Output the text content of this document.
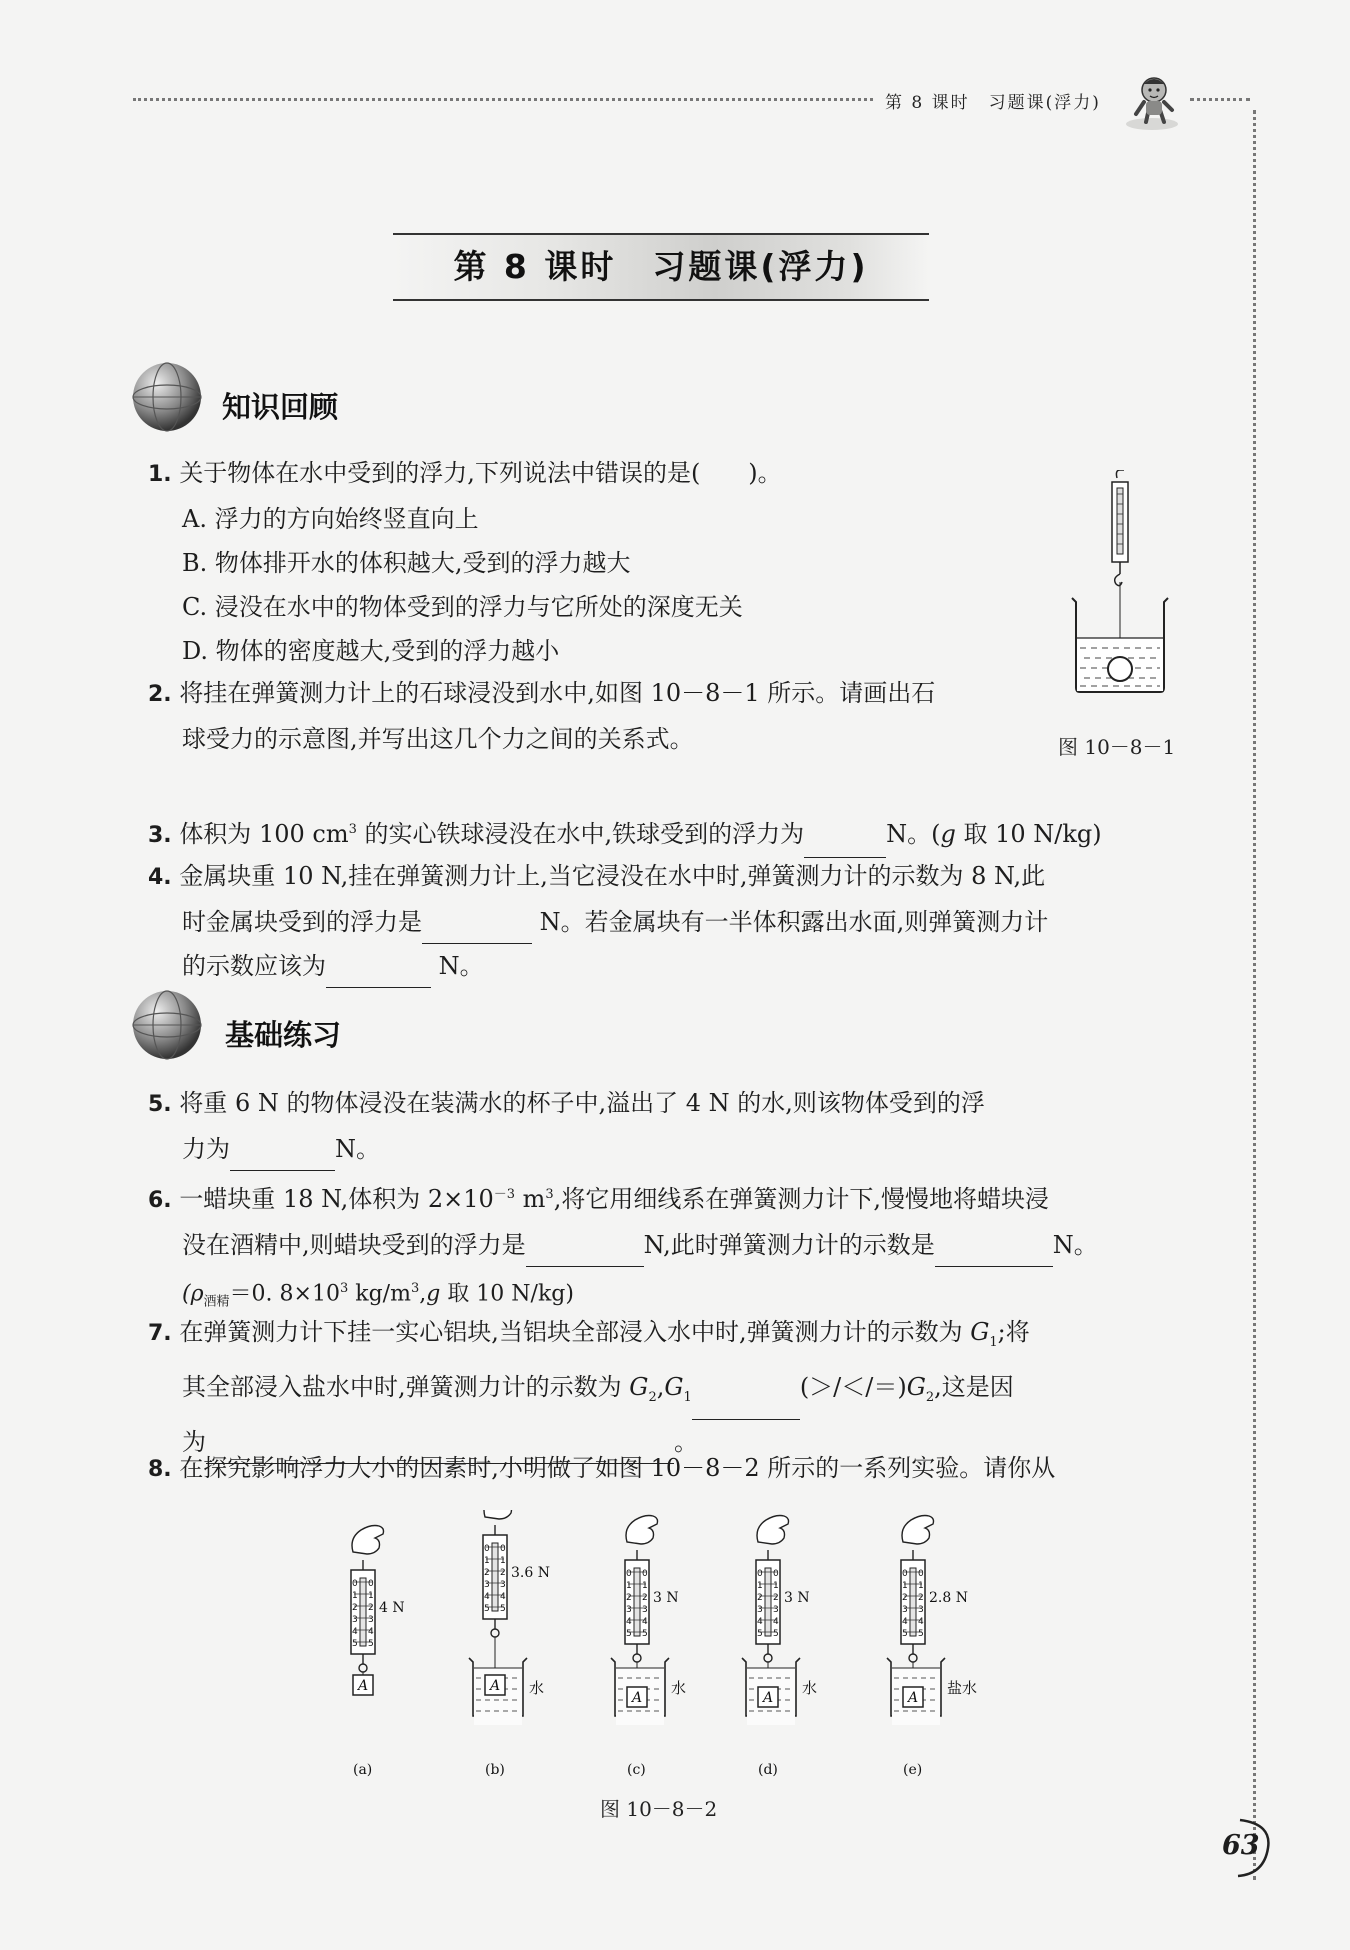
第 8 课时　习题课(浮力)
第 8 课时　习题课(浮力)
知识回顾
1. 关于物体在水中受到的浮力,下列说法中错误的是(　　)。
A. 浮力的方向始终竖直向上
B. 物体排开水的体积越大,受到的浮力越大
C. 浸没在水中的物体受到的浮力与它所处的深度无关
D. 物体的密度越大,受到的浮力越小
2. 将挂在弹簧测力计上的石球浸没到水中,如图 10－8－1 所示。请画出石
球受力的示意图,并写出这几个力之间的关系式。	图 10－8－1
3. 体积为 100 $cm^3$ 的实心铁球浸没在水中,铁球受到的浮力为	N。(g 取 10 N/kg)
4. 金属块重 10 N,挂在弹簧测力计上,当它浸没在水中时,弹簧测力计的示数为 8 N,此
时金属块受到的浮力是	N。若金属块有一半体积露出水面,则弹簧测力计
的示数应该为	N。
基础练习
5. 将重 6 N 的物体浸没在装满水的杯子中,溢出了 4 N 的水,则该物体受到的浮
力为	N。
6. 一蜡块重 18 N,体积为 $2\times 10^{-3}$ $m^3$,将它用细线系在弹簧测力计下,慢慢地将蜡块浸
没在酒精中,则蜡块受到的浮力是	N,此时弹簧测力计的示数是	N。
($\rho_{酒精}=0$. $8\times 10^3$ $kg/m^3,g$ 取 10 N/kg)
7. 在弹簧测力计下挂一实心铝块,当铝块全部浸入水中时,弹簧测力计的示数为 $G_1$;将
其全部浸入盐水中时,弹簧测力计的示数为 $G_2,G_1$	$(>/</=)G_2$,这是因
为	。
8. 在探究影响浮力大小的因素时,小明做了如图 10－8－2 所示的一系列实验。请你从
0 0
1 1
2 2
3 3
4 4
5 5
4 N
A
(a)
0 0
1 1
2 2
3 3
4 4
5 5
3.6 N
水
A
(b)
0 0
1 1
2 2
3 3
4 4
5 5
3 N
水
A
(c)
0 0
1 1
2 2
3 3
4 4
5 5
3 N
水
A
(d)
0 0
1 1
2 2
3 3
4 4
5 5
2.8 N
盐水
A
(e)
图 10－8－2
63
